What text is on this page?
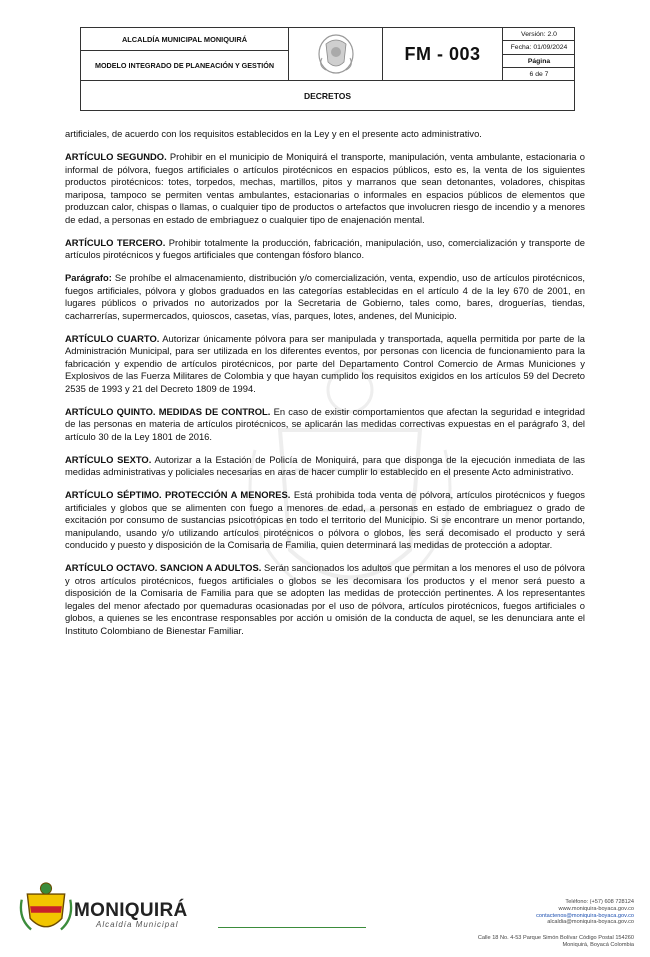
ALCALDÍA MUNICIPAL MONIQUIRÁ
MODELO INTEGRADO DE PLANEACIÓN Y GESTIÓN
FM - 003
Versión: 2.0
Fecha: 01/09/2024
Página
6 de 7
DECRETOS

artificiales, de acuerdo con los requisitos establecidos en la Ley y en el presente acto administrativo.

ARTÍCULO SEGUNDO. Prohibir en el municipio de Moniquirá el transporte, manipulación, venta ambulante, estacionaria o informal de pólvora, fuegos artificiales o artículos pirotécnicos en espacios públicos, esto es, la venta de los siguientes productos pirotécnicos: totes, torpedos, mechas, martillos, pitos y marranos que sean detonantes, voladores, chispitas mariposa, tampoco se permiten ventas ambulantes, estacionarias o informales en espacios públicos de elementos que produzcan calor, chispas o llamas, o cualquier tipo de productos o artefactos que involucren riesgo de incendio y a menores de edad, a personas en estado de embriaguez o cualquier tipo de enajenación mental.

ARTÍCULO TERCERO. Prohibir totalmente la producción, fabricación, manipulación, uso, comercialización y transporte de artículos pirotécnicos y fuegos artificiales que contengan fósforo blanco.

Parágrafo: Se prohíbe el almacenamiento, distribución y/o comercialización, venta, expendio, uso de artículos pirotécnicos, fuegos artificiales, pólvora y globos graduados en las categorías establecidas en el artículo 4 de la ley 670 de 2001, en lugares públicos o privados no autorizados por la Secretaria de Gobierno, tales como, bares, droguerías, tiendas, cacharrerías, supermercados, quioscos, casetas, vías, parques, lotes, andenes, del Municipio.

ARTÍCULO CUARTO. Autorizar únicamente pólvora para ser manipulada y transportada, aquella permitida por parte de la Administración Municipal, para ser utilizada en los diferentes eventos, por personas con licencia de funcionamiento para la fabricación y expendio de artículos pirotécnicos, por parte del Departamento Control Comercio de Armas Municiones y Explosivos de las Fuerza Militares de Colombia y que hayan cumplido los requisitos exigidos en los artículos 59 del Decreto 2535 de 1993 y 21 del Decreto 1809 de 1994.

ARTÍCULO QUINTO. MEDIDAS DE CONTROL. En caso de existir comportamientos que afectan la seguridad e integridad de las personas en materia de artículos pirotécnicos, se aplicarán las medidas correctivas expuestas en el parágrafo 3, del artículo 30 de la Ley 1801 de 2016.

ARTÍCULO SEXTO. Autorizar a la Estación de Policía de Moniquirá, para que disponga de la ejecución inmediata de las medidas administrativas y policiales necesarias en aras de hacer cumplir lo establecido en el presente Acto administrativo.

ARTÍCULO SÉPTIMO. PROTECCIÓN A MENORES. Está prohibida toda venta de pólvora, artículos pirotécnicos y fuegos artificiales y globos que se alimenten con fuego a menores de edad, a personas en estado de embriaguez o grado de excitación por consumo de sustancias psicotrópicas en todo el territorio del Municipio. Si se encontrare un menor portando, manipulando, usando y/o utilizando artículos pirotécnicos o pólvora o globos, les será decomisado el producto y será conducido y puesto y disposición de la Comisaria de Familia, quien determinará las medidas de protección a adoptar.

ARTÍCULO OCTAVO. SANCION A ADULTOS. Serán sancionados los adultos que permitan a los menores el uso de pólvora y otros artículos pirotécnicos, fuegos artificiales o globos se les decomisara los productos y el menor será puesto a disposición de la Comisaria de Familia para que se adopten las medidas de protección pertinentes. A los representantes legales del menor afectado por quemaduras ocasionadas por el uso de pólvora, artículos pirotécnicos, fuegos artificiales o globos, a quienes se les encontrase responsables por acción u omisión de la conducta de aquel, se les denunciara ante el Instituto Colombiano de Bienestar Familiar.

MONIQUIRÁ
Alcaldía Municipal
Teléfono: (+57) 608 728124
www.moniquira-boyaca.gov.co
contactenos@moniquira-boyaca.gov.co
alcaldia@moniquira-boyaca.gov.co
Calle 18 No. 4-53 Parque Simón Bolívar Código Postal 154260
Moniquirá, Boyacá Colombia
